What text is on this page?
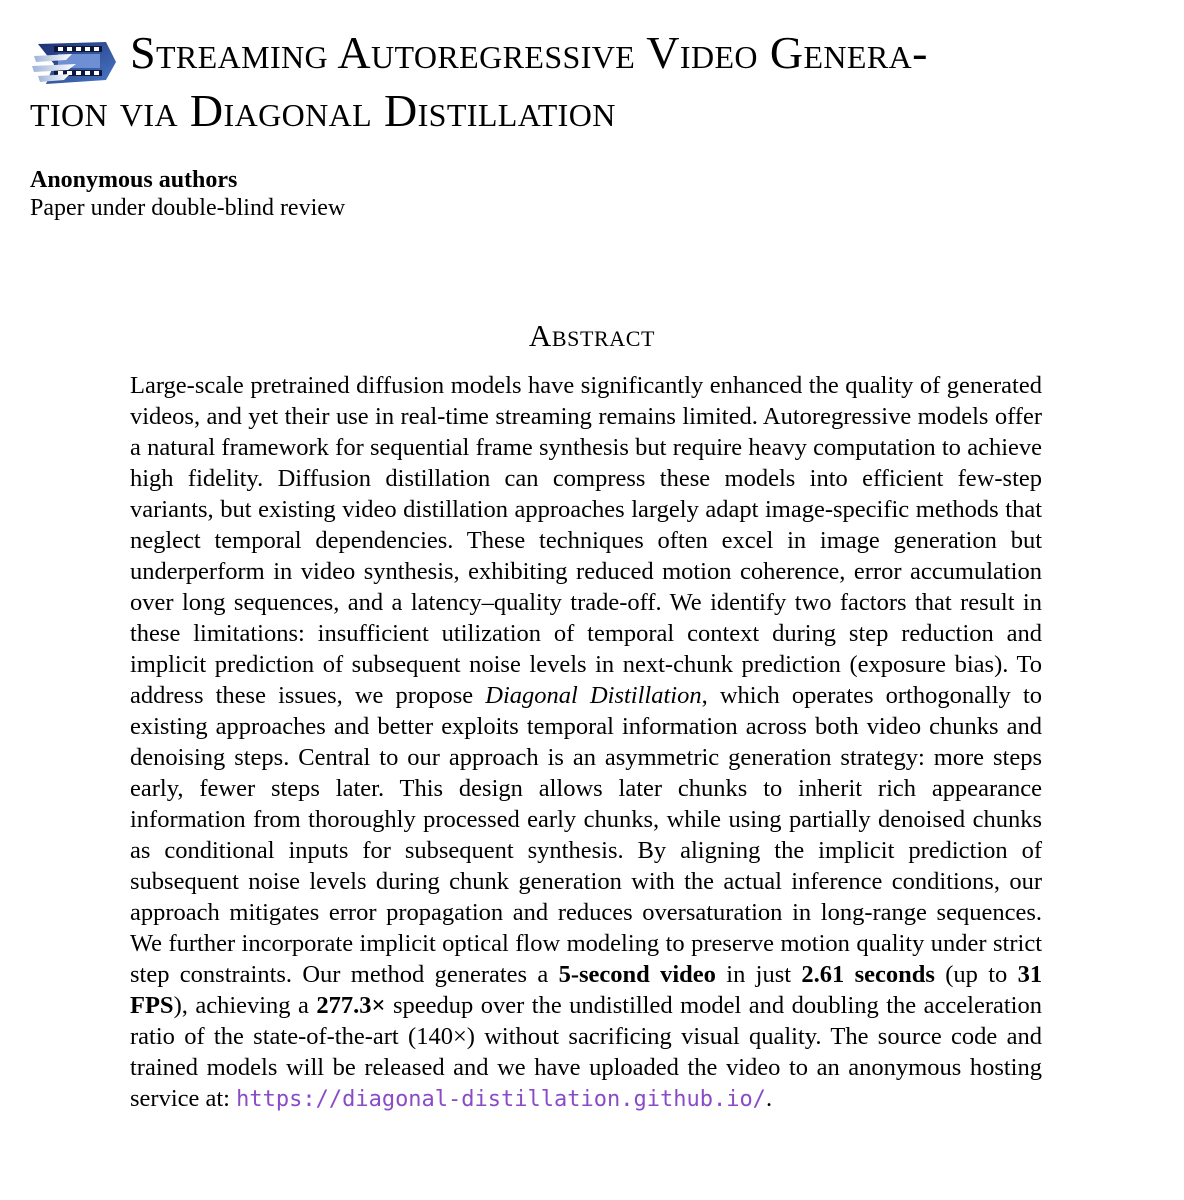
Streaming Autoregressive Video Genera-
tion via Diagonal Distillation
Anonymous authors
Paper under double-blind review
Abstract

Large-scale pretrained diffusion models have significantly enhanced the quality of generated videos, and yet their use in real-time streaming remains limited. Autoregressive models offer a natural framework for sequential frame synthesis but require heavy computation to achieve high fidelity. Diffusion distillation can compress these models into efficient few-step variants, but existing video distillation approaches largely adapt image-specific methods that neglect temporal dependencies. These techniques often excel in image generation but underperform in video synthesis, exhibiting reduced motion coherence, error accumulation over long sequences, and a latency–quality trade-off. We identify two factors that result in these limitations: insufficient utilization of temporal context during step reduction and implicit prediction of subsequent noise levels in next-chunk prediction (exposure bias). To address these issues, we propose Diagonal Distillation, which operates orthogonally to existing approaches and better exploits temporal information across both video chunks and denoising steps. Central to our approach is an asymmetric generation strategy: more steps early, fewer steps later. This design allows later chunks to inherit rich appearance information from thoroughly processed early chunks, while using partially denoised chunks as conditional inputs for subsequent synthesis. By aligning the implicit prediction of subsequent noise levels during chunk generation with the actual inference conditions, our approach mitigates error propagation and reduces oversaturation in long-range sequences. We further incorporate implicit optical flow modeling to preserve motion quality under strict step constraints. Our method generates a 5-second video in just 2.61 seconds (up to 31 FPS), achieving a 277.3× speedup over the undistilled model and doubling the acceleration ratio of the state-of-the-art (140×) without sacrificing visual quality. The source code and trained models will be released and we have uploaded the video to an anonymous hosting service at: https://diagonal-distillation.github.io/.
